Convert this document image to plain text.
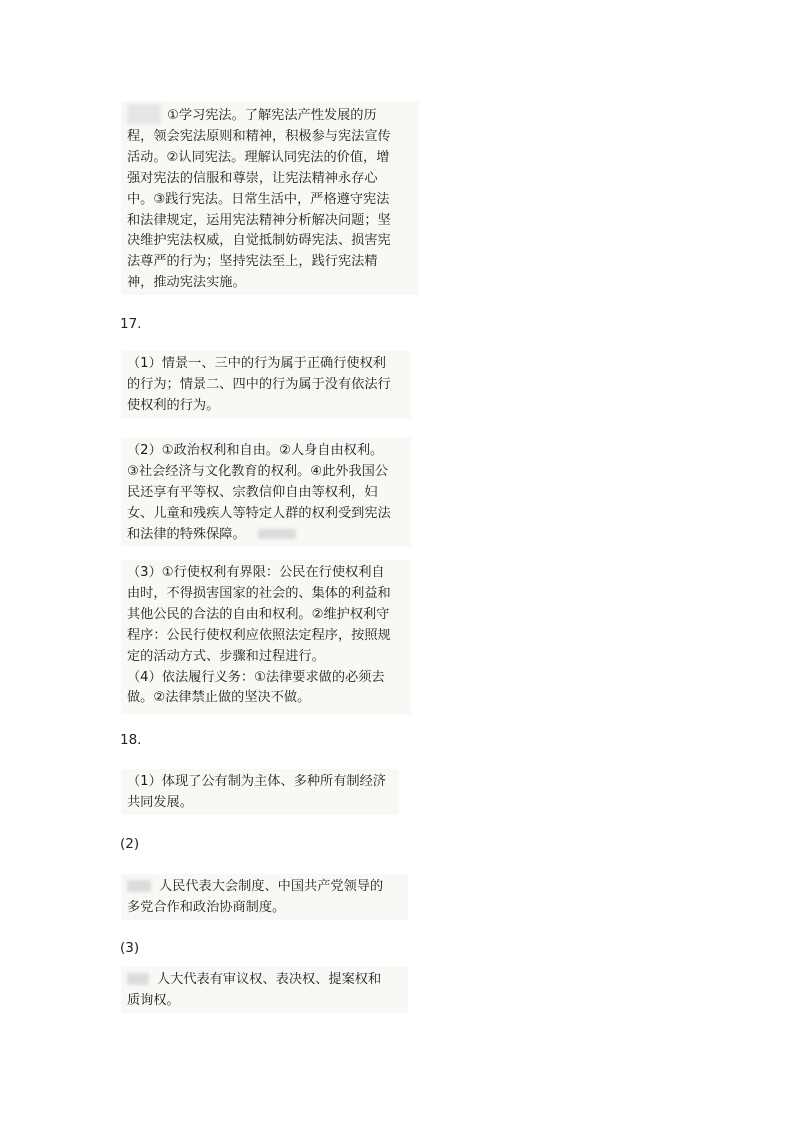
①学习宪法。了解宪法产性发展的历
程，领会宪法原则和精神，积极参与宪法宣传
活动。②认同宪法。理解认同宪法的价值，增
强对宪法的信服和尊崇，让宪法精神永存心
中。③践行宪法。日常生活中，严格遵守宪法
和法律规定，运用宪法精神分析解决问题；坚
决维护宪法权威，自觉抵制妨碍宪法、损害宪
法尊严的行为；坚持宪法至上，践行宪法精
神，推动宪法实施。
17.
（1）情景一、三中的行为属于正确行使权利
的行为；情景二、四中的行为属于没有依法行
使权利的行为。
（2）①政治权利和自由。②人身自由权利。
③社会经济与文化教育的权利。④此外我国公
民还享有平等权、宗教信仰自由等权利，妇
女、儿童和残疾人等特定人群的权利受到宪法
和法律的特殊保障。
（3）①行使权利有界限：公民在行使权利自
由时，不得损害国家的社会的、集体的利益和
其他公民的合法的自由和权利。②维护权利守
程序：公民行使权利应依照法定程序，按照规
定的活动方式、步骤和过程进行。
（4）依法履行义务：①法律要求做的必须去
做。②法律禁止做的坚决不做。
18.
（1）体现了公有制为主体、多种所有制经济
共同发展。
(2)
人民代表大会制度、中国共产党领导的
多党合作和政治协商制度。
(3)
人大代表有审议权、表决权、提案权和
质询权。
